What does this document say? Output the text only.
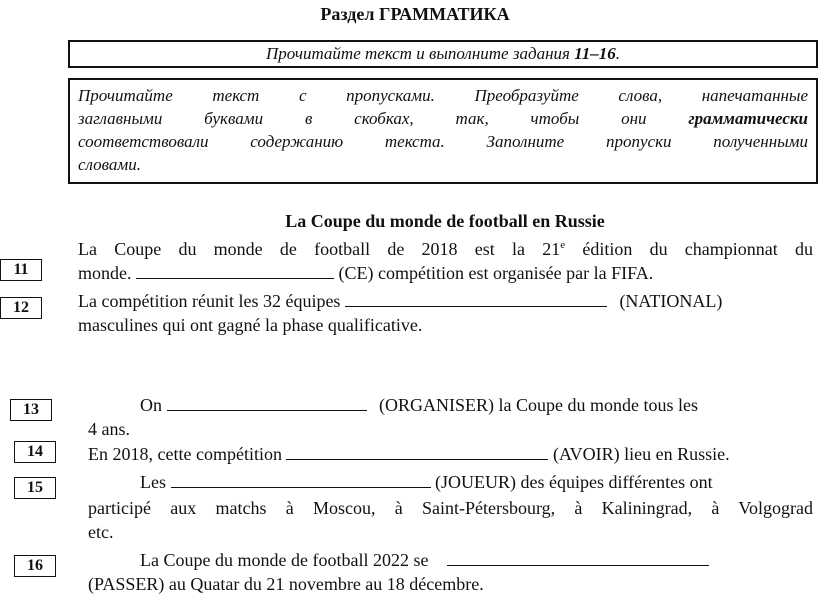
Раздел ГРАММАТИКА
Прочитайте текст и выполните задания 11–16.
Прочитайте текст с пропусками. Преобразуйте слова, напечатанные
заглавными буквами в скобках, так, чтобы они грамматически
соответствовали содержанию текста. Заполните пропуски полученными
словами.
La Coupe du monde de football en Russie
11
12
13
14
15
16
La Coupe du monde de football de 2018 est la 21e édition du championnat du
monde.	(CE) compétition est organisée par la FIFA.
La compétition réunit les 32 équipes	(NATIONAL)
masculines qui ont gagné la phase qualificative.
On	(ORGANISER) la Coupe du monde tous les
4 ans.
En 2018, cette compétition	(AVOIR) lieu en Russie.
Les	(JOUEUR) des équipes différentes ont
participé aux matchs à Moscou, à Saint-Pétersbourg, à Kaliningrad, à Volgograd
etc.
La Coupe du monde de football 2022 se
(PASSER) au Quatar du 21 novembre au 18 décembre.
